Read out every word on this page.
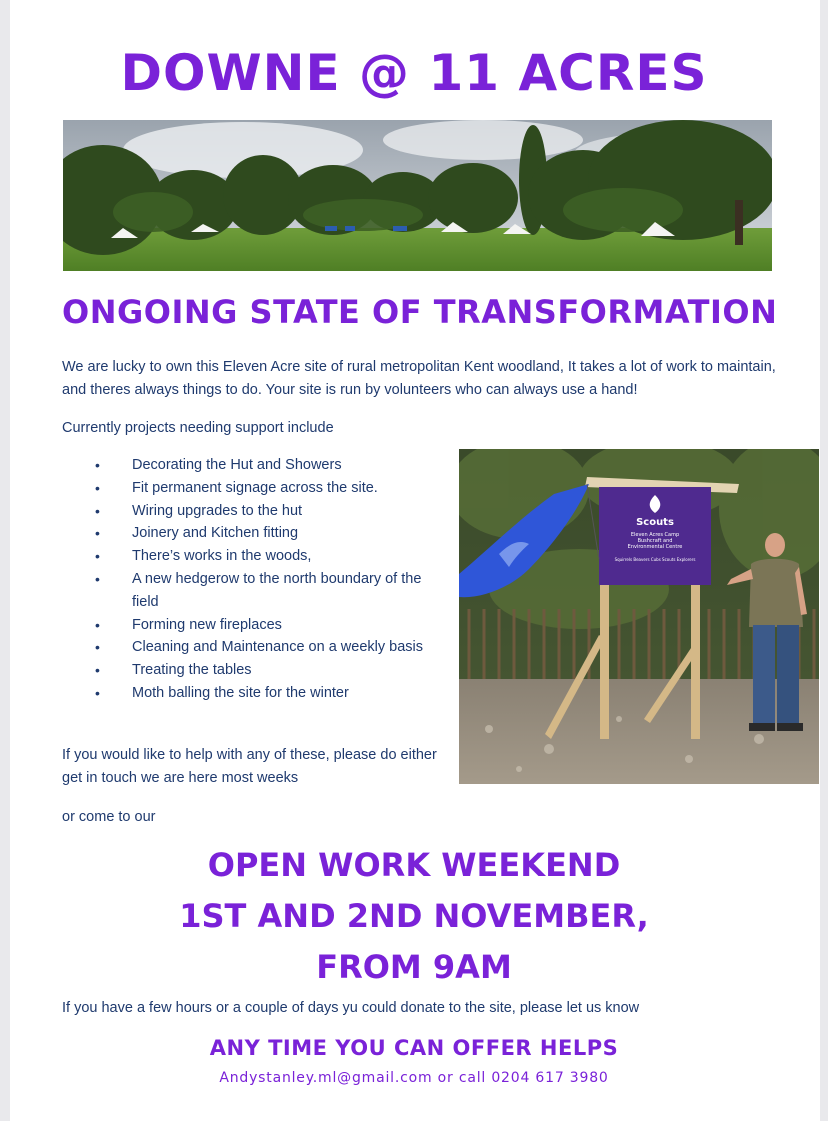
DOWNE @ 11 ACRES
ONGOING STATE OF TRANSFORMATION
We are lucky to own this Eleven Acre site of rural metropolitan Kent woodland, It takes a lot of work to maintain, and theres always things to do. Your site is run by volunteers who can always use a hand!
Currently projects needing support include
• Decorating the Hut and Showers
• Fit permanent signage across the site.
• Wiring upgrades to the hut
• Joinery and Kitchen fitting
• There’s works in the woods,
• A new hedgerow to the north boundary of the field
• Forming new fireplaces
• Cleaning and Maintenance on a weekly basis
• Treating the tables
• Moth balling the site for the winter
Scouts
Eleven Acres Camp
Bushcraft and
Environmental Centre
Squirrels Beavers Cubs Scouts Explorers
If you would like to help with any of these, please do either get in touch we are here most weeks
or come to our
OPEN WORK WEEKEND
1ST AND 2ND NOVEMBER,
FROM 9AM
If you have a few hours or a couple of days yu could donate to the site, please let us know
ANY TIME YOU CAN OFFER HELPS
Andystanley.ml@gmail.com or call 0204 617 3980
